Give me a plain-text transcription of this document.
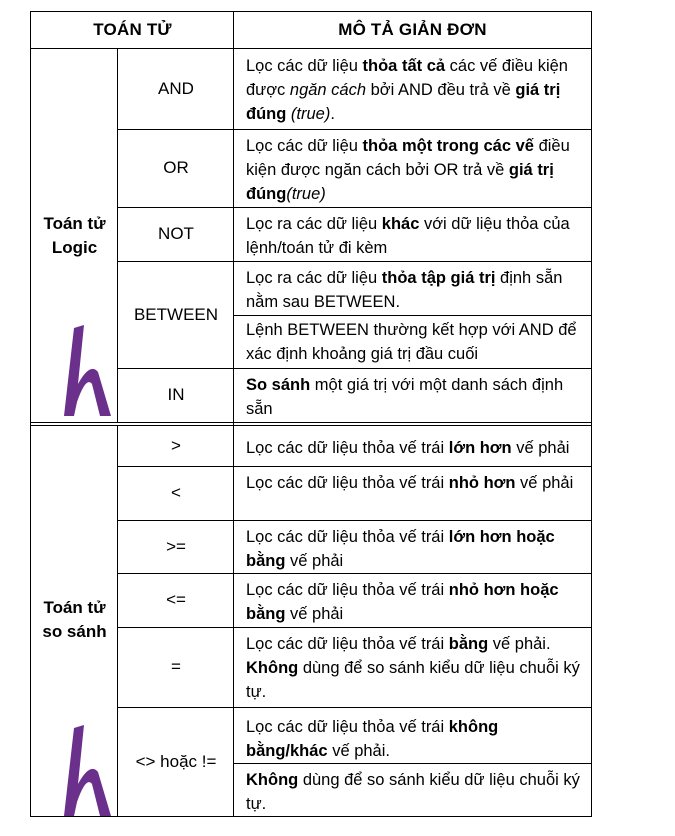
TOÁN TỬ	MÔ TẢ GIẢN ĐƠN
Toán tử
Logic
AND
OR
NOT
BETWEEN
IN
Lọc các dữ liệu thỏa tất cả các vế điều kiện được ngăn cách bởi AND đều trả về giá trị đúng (true).
Lọc các dữ liệu thỏa một trong các vế điều kiện được ngăn cách bởi OR trả về giá trị đúng(true)
Lọc ra các dữ liệu khác với dữ liệu thỏa của lệnh/toán tử đi kèm
Lọc ra các dữ liệu thỏa tập giá trị định sẵn nằm sau BETWEEN.
Lệnh BETWEEN thường kết hợp với AND để xác định khoảng giá trị đầu cuối
So sánh một giá trị với một danh sách định sẵn
Toán tử
so sánh
>
<
>=
<=
=
<> hoặc !=
Lọc các dữ liệu thỏa vế trái lớn hơn vế phải
Lọc các dữ liệu thỏa vế trái nhỏ hơn vế phải
Lọc các dữ liệu thỏa vế trái lớn hơn hoặc bằng vế phải
Lọc các dữ liệu thỏa vế trái nhỏ hơn hoặc bằng vế phải
Lọc các dữ liệu thỏa vế trái bằng vế phải. Không dùng để so sánh kiểu dữ liệu chuỗi ký tự.
Lọc các dữ liệu thỏa vế trái không bằng/khác vế phải.
Không dùng để so sánh kiểu dữ liệu chuỗi ký tự.
